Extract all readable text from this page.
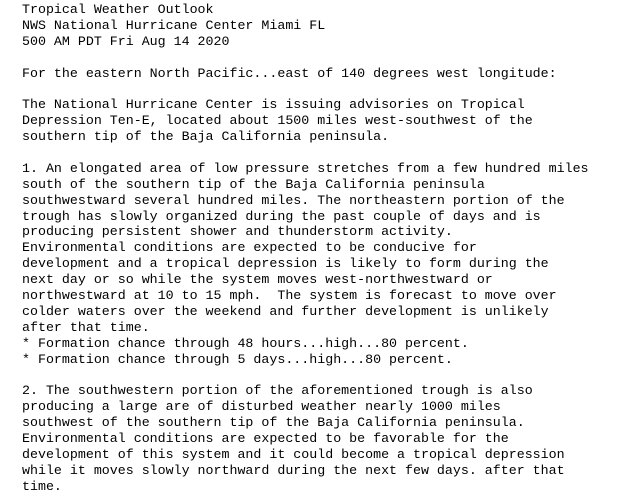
Tropical Weather Outlook
NWS National Hurricane Center Miami FL
500 AM PDT Fri Aug 14 2020
For the eastern North Pacific...east of 140 degrees west longitude:
The National Hurricane Center is issuing advisories on Tropical
Depression Ten-E, located about 1500 miles west-southwest of the
southern tip of the Baja California peninsula.
1. An elongated area of low pressure stretches from a few hundred miles
south of the southern tip of the Baja California peninsula
southwestward several hundred miles. The northeastern portion of the
trough has slowly organized during the past couple of days and is
producing persistent shower and thunderstorm activity.
Environmental conditions are expected to be conducive for
development and a tropical depression is likely to form during the
next day or so while the system moves west-northwestward or
northwestward at 10 to 15 mph.  The system is forecast to move over
colder waters over the weekend and further development is unlikely
after that time.
* Formation chance through 48 hours...high...80 percent.
* Formation chance through 5 days...high...80 percent.
2. The southwestern portion of the aforementioned trough is also
producing a large are of disturbed weather nearly 1000 miles
southwest of the southern tip of the Baja California peninsula.
Environmental conditions are expected to be favorable for the
development of this system and it could become a tropical depression
while it moves slowly northward during the next few days. after that
time.
